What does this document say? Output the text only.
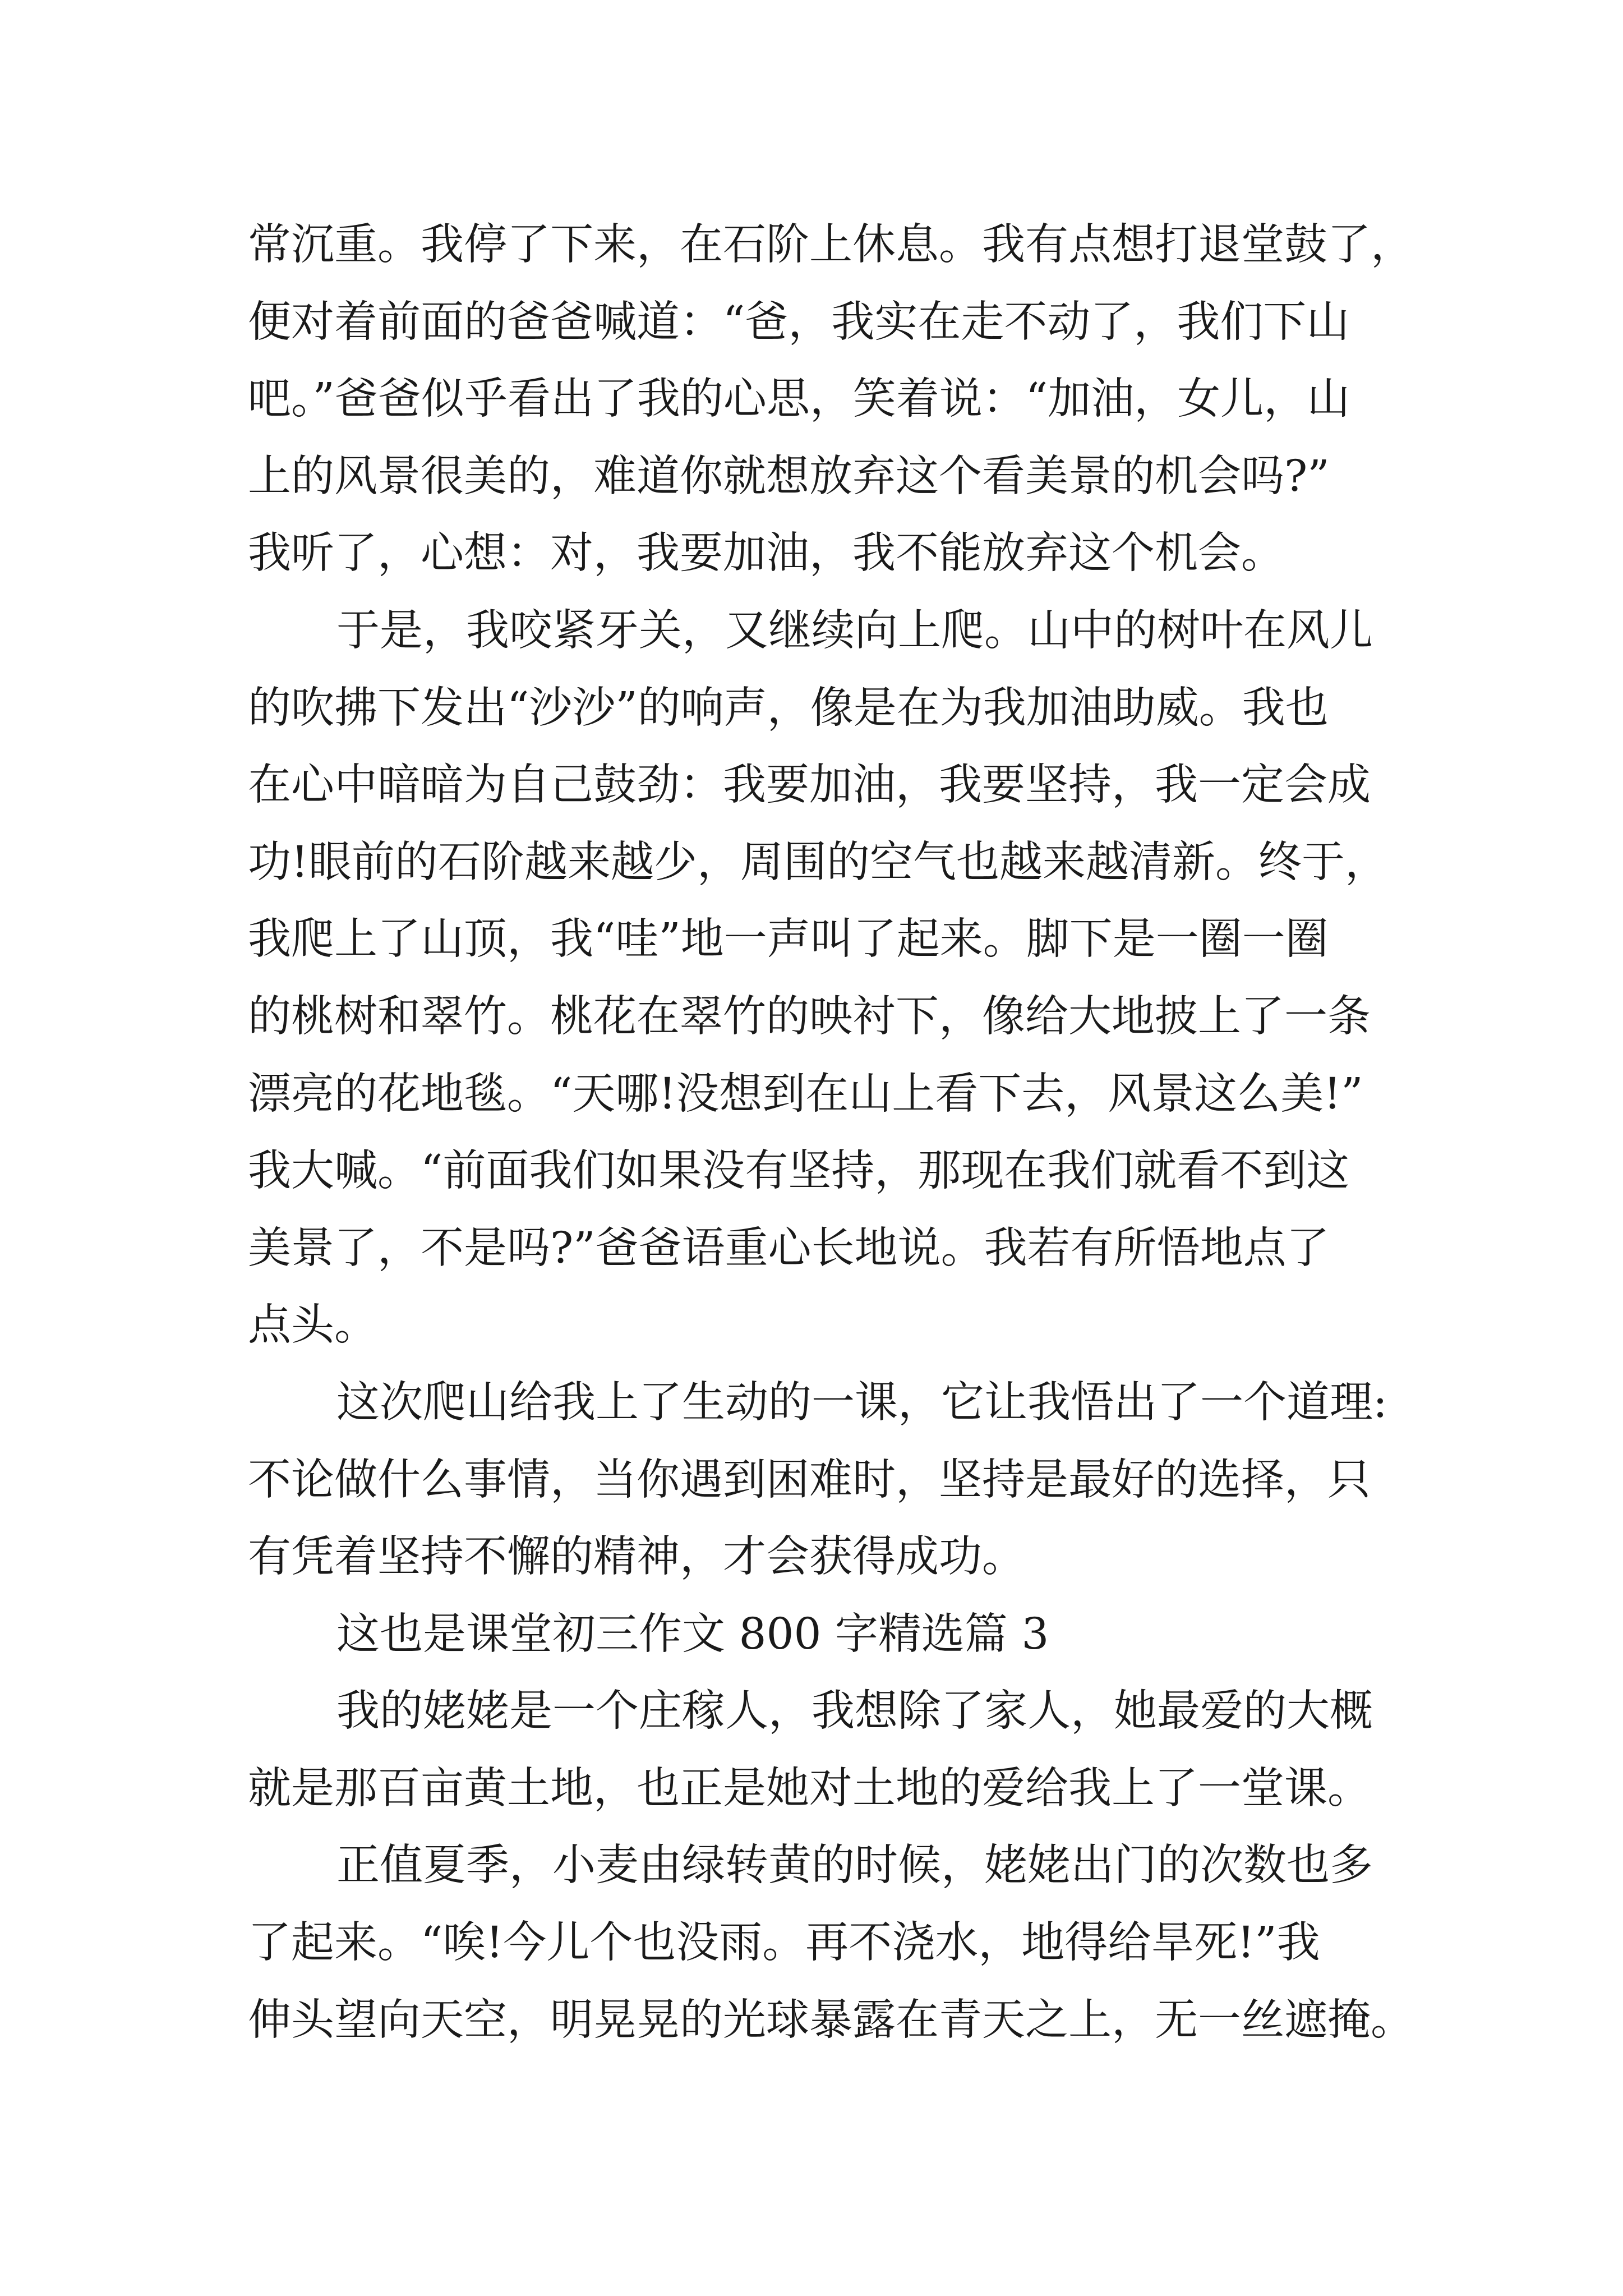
常沉重。我停了下来，在石阶上休息。我有点想打退堂鼓了，
便对着前面的爸爸喊道：“爸，我实在走不动了，我们下山
吧。”爸爸似乎看出了我的心思，笑着说：“加油，女儿，山
上的风景很美的，难道你就想放弃这个看美景的机会吗?”
我听了，心想：对，我要加油，我不能放弃这个机会。
于是，我咬紧牙关，又继续向上爬。山中的树叶在风儿
的吹拂下发出“沙沙”的响声，像是在为我加油助威。我也
在心中暗暗为自己鼓劲：我要加油，我要坚持，我一定会成
功!眼前的石阶越来越少，周围的空气也越来越清新。终于，
我爬上了山顶，我“哇”地一声叫了起来。脚下是一圈一圈
的桃树和翠竹。桃花在翠竹的映衬下，像给大地披上了一条
漂亮的花地毯。“天哪!没想到在山上看下去，风景这么美!”
我大喊。“前面我们如果没有坚持，那现在我们就看不到这
美景了，不是吗?”爸爸语重心长地说。我若有所悟地点了
点头。
这次爬山给我上了生动的一课，它让我悟出了一个道理:
不论做什么事情，当你遇到困难时，坚持是最好的选择，只
有凭着坚持不懈的精神，才会获得成功。
这也是课堂初三作文 800 字精选篇 3
我的姥姥是一个庄稼人，我想除了家人，她最爱的大概
就是那百亩黄土地，也正是她对土地的爱给我上了一堂课。
正值夏季，小麦由绿转黄的时候，姥姥出门的次数也多
了起来。“唉!今儿个也没雨。再不浇水，地得给旱死!”我
伸头望向天空，明晃晃的光球暴露在青天之上，无一丝遮掩。
